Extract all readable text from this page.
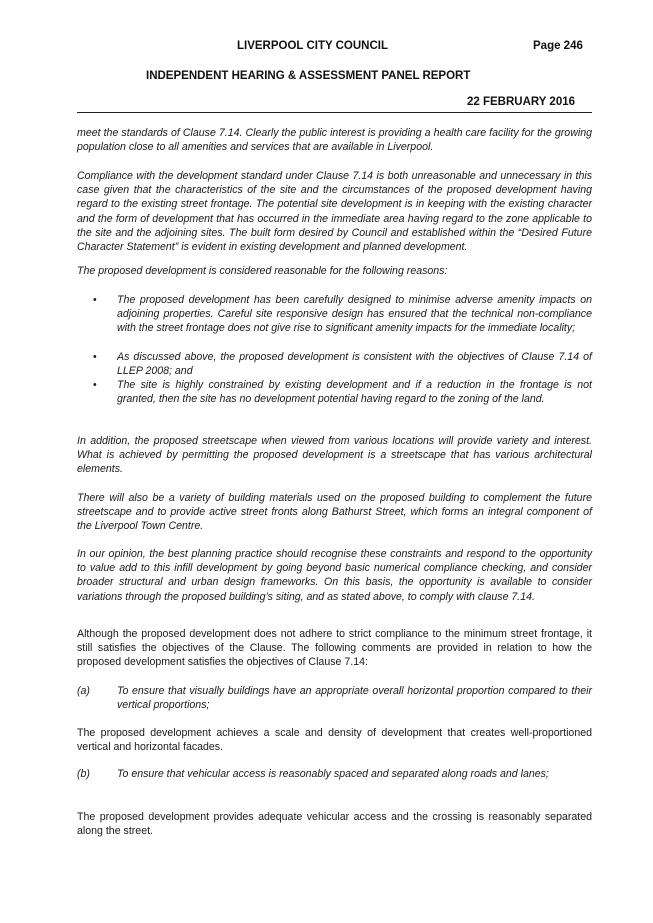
LIVERPOOL CITY COUNCIL	Page 246
INDEPENDENT HEARING & ASSESSMENT PANEL REPORT
22 FEBRUARY 2016
meet the standards of Clause 7.14. Clearly the public interest is providing a health care facility for the growing population close to all amenities and services that are available in Liverpool.
Compliance with the development standard under Clause 7.14 is both unreasonable and unnecessary in this case given that the characteristics of the site and the circumstances of the proposed development having regard to the existing street frontage. The potential site development is in keeping with the existing character and the form of development that has occurred in the immediate area having regard to the zone applicable to the site and the adjoining sites. The built form desired by Council and established within the “Desired Future Character Statement” is evident in existing development and planned development.
The proposed development is considered reasonable for the following reasons:
• The proposed development has been carefully designed to minimise adverse amenity impacts on adjoining properties. Careful site responsive design has ensured that the technical non-compliance with the street frontage does not give rise to significant amenity impacts for the immediate locality;
• As discussed above, the proposed development is consistent with the objectives of Clause 7.14 of LLEP 2008; and
• The site is highly constrained by existing development and if a reduction in the frontage is not granted, then the site has no development potential having regard to the zoning of the land.
In addition, the proposed streetscape when viewed from various locations will provide variety and interest. What is achieved by permitting the proposed development is a streetscape that has various architectural elements.
There will also be a variety of building materials used on the proposed building to complement the future streetscape and to provide active street fronts along Bathurst Street, which forms an integral component of the Liverpool Town Centre.
In our opinion, the best planning practice should recognise these constraints and respond to the opportunity to value add to this infill development by going beyond basic numerical compliance checking, and consider broader structural and urban design frameworks. On this basis, the opportunity is available to consider variations through the proposed building’s siting, and as stated above, to comply with clause 7.14.
Although the proposed development does not adhere to strict compliance to the minimum street frontage, it still satisfies the objectives of the Clause. The following comments are provided in relation to how the proposed development satisfies the objectives of Clause 7.14:
(a)	To ensure that visually buildings have an appropriate overall horizontal proportion compared to their vertical proportions;
The proposed development achieves a scale and density of development that creates well-proportioned vertical and horizontal facades.
(b)	To ensure that vehicular access is reasonably spaced and separated along roads and lanes;
The proposed development provides adequate vehicular access and the crossing is reasonably separated along the street.
